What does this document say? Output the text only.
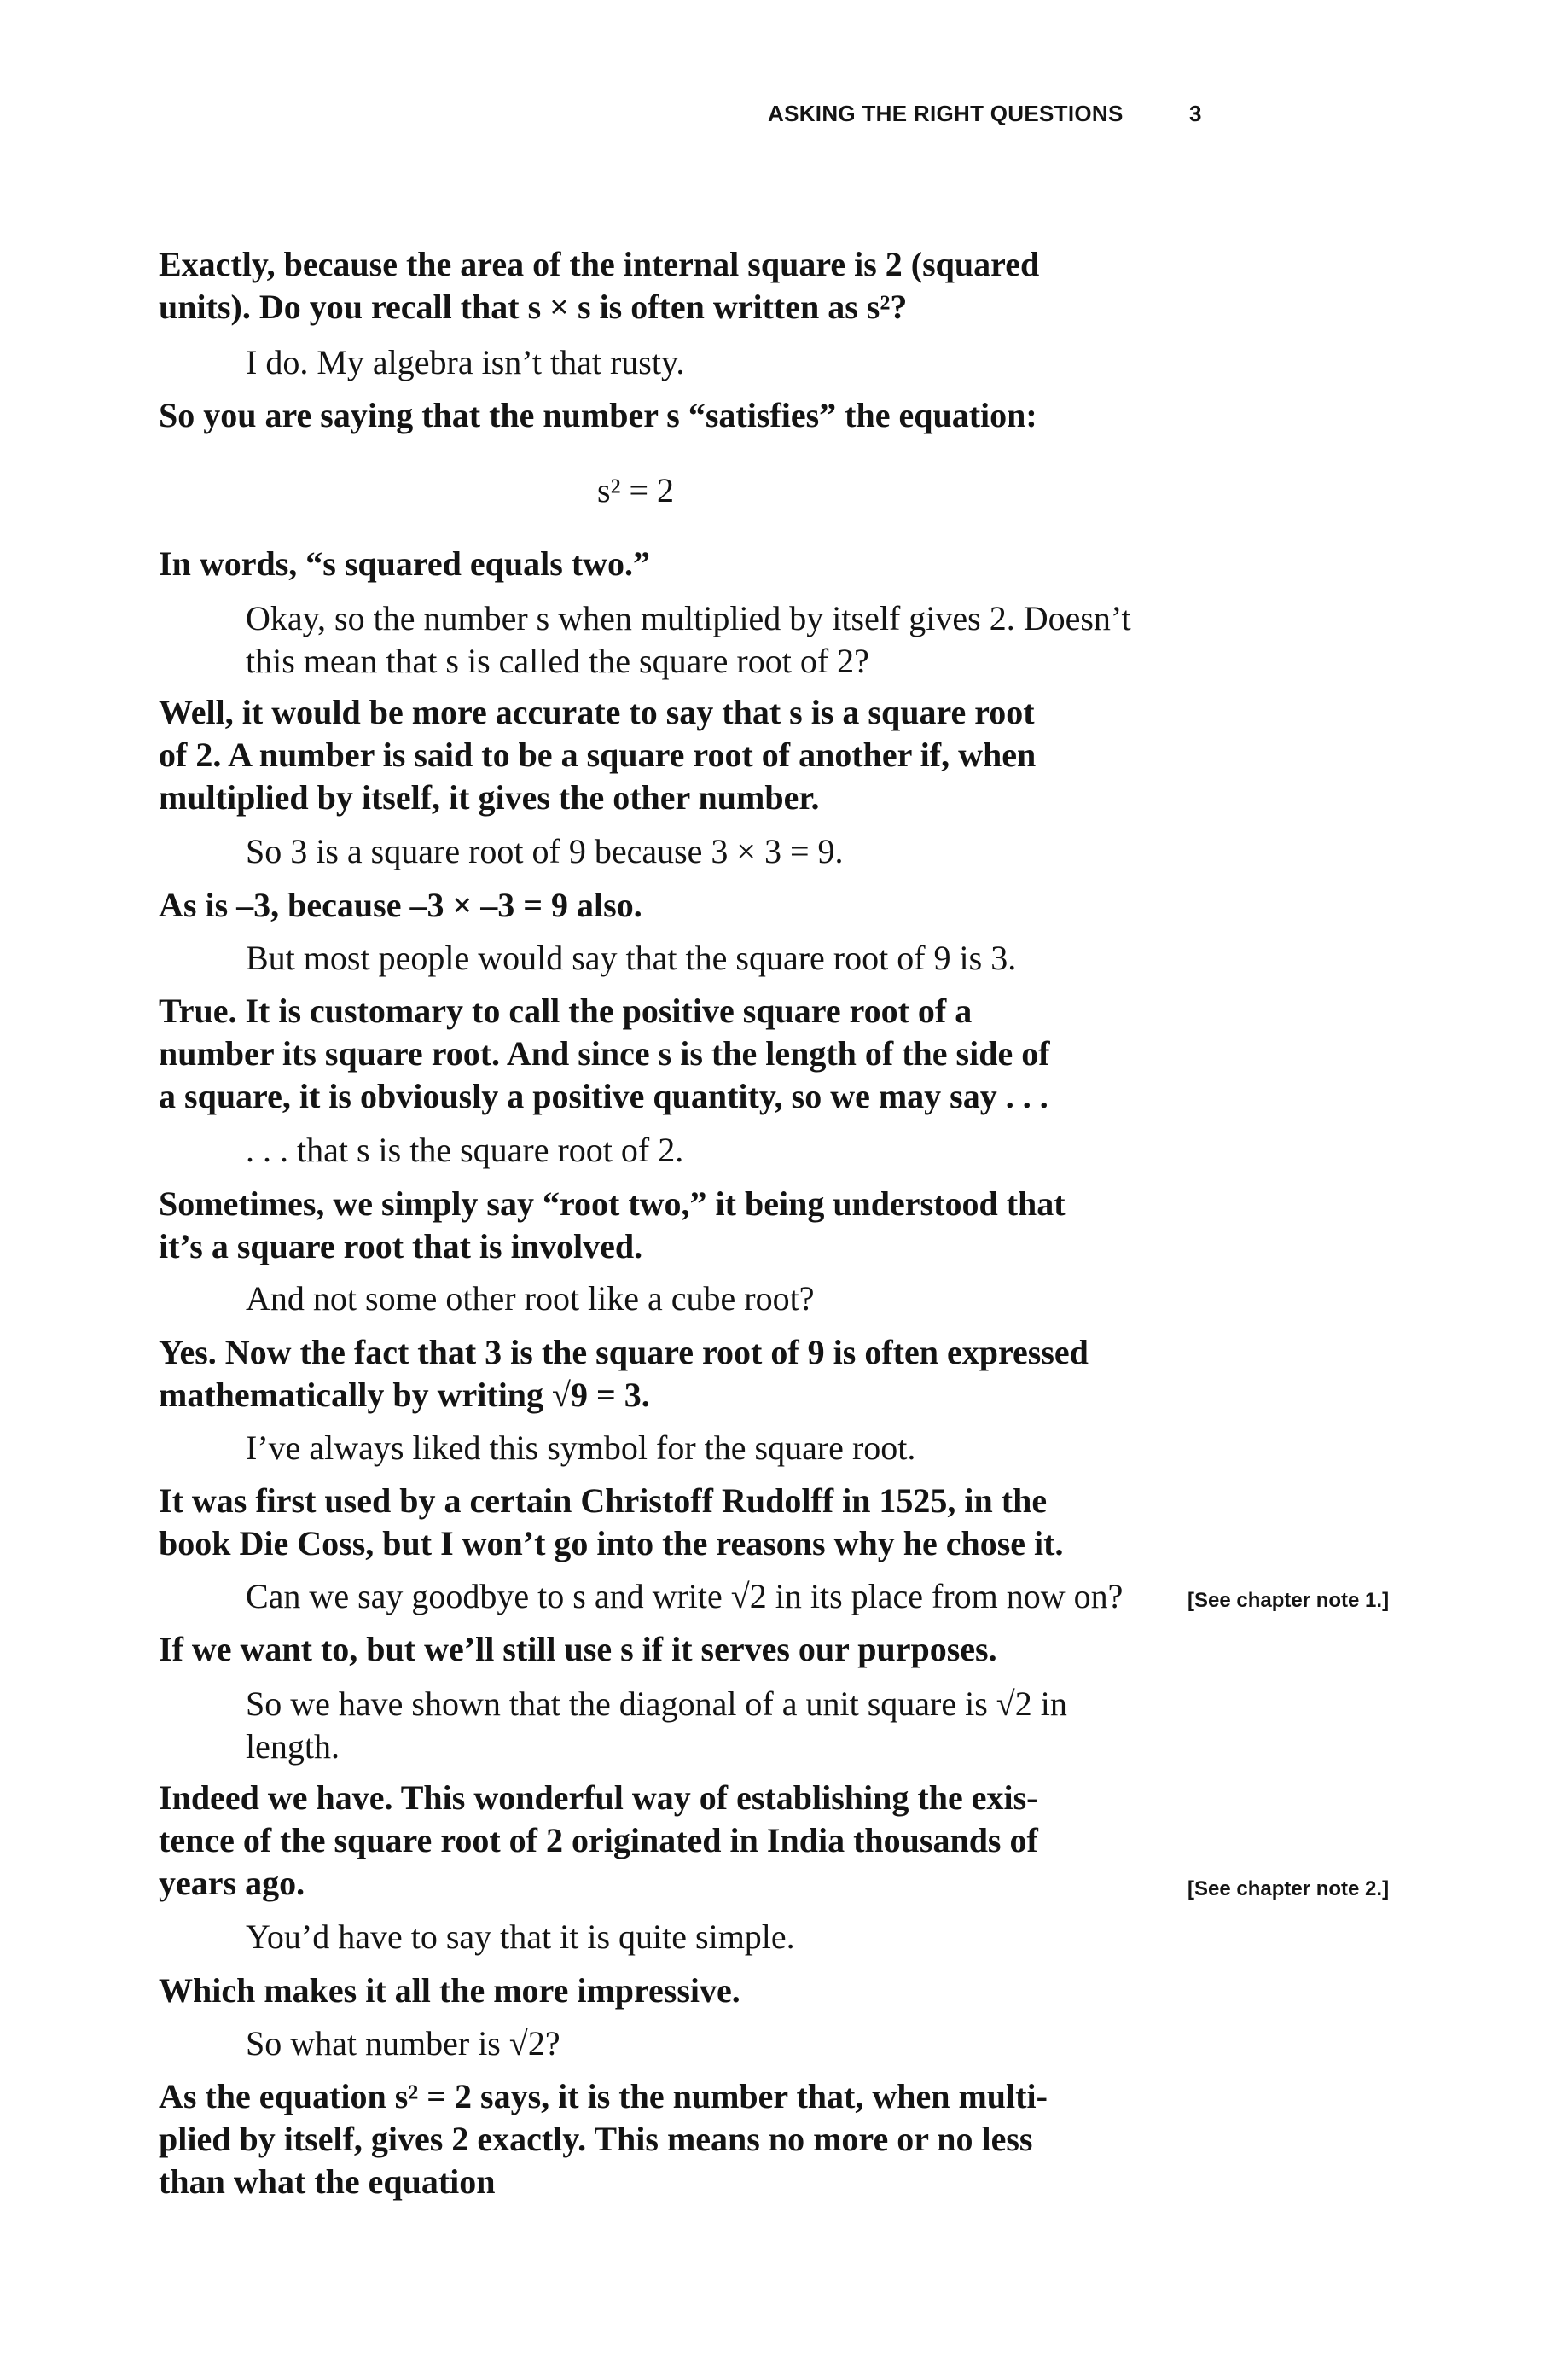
ASKING THE RIGHT QUESTIONS	3
Exactly, because the area of the internal square is 2 (squared
units). Do you recall that s × s is often written as s²?
I do. My algebra isn’t that rusty.
So you are saying that the number s “satisfies” the equation:
s² = 2
In words, “s squared equals two.”
Okay, so the number s when multiplied by itself gives 2. Doesn’t
this mean that s is called the square root of 2?
Well, it would be more accurate to say that s is a square root
of 2. A number is said to be a square root of another if, when
multiplied by itself, it gives the other number.
So 3 is a square root of 9 because 3 × 3 = 9.
As is –3, because –3 × –3 = 9 also.
But most people would say that the square root of 9 is 3.
True. It is customary to call the positive square root of a
number its square root. And since s is the length of the side of
a square, it is obviously a positive quantity, so we may say . . .
. . . that s is the square root of 2.
Sometimes, we simply say “root two,” it being understood that
it’s a square root that is involved.
And not some other root like a cube root?
Yes. Now the fact that 3 is the square root of 9 is often expressed
mathematically by writing √9 = 3.
I’ve always liked this symbol for the square root.
It was first used by a certain Christoff Rudolff in 1525, in the
book Die Coss, but I won’t go into the reasons why he chose it.
Can we say goodbye to s and write √2 in its place from now on?	[See chapter note 1.]
If we want to, but we’ll still use s if it serves our purposes.
So we have shown that the diagonal of a unit square is √2 in
length.
Indeed we have. This wonderful way of establishing the exis-
tence of the square root of 2 originated in India thousands of
years ago.	[See chapter note 2.]
You’d have to say that it is quite simple.
Which makes it all the more impressive.
So what number is √2?
As the equation s² = 2 says, it is the number that, when multi-
plied by itself, gives 2 exactly. This means no more or no less
than what the equation
